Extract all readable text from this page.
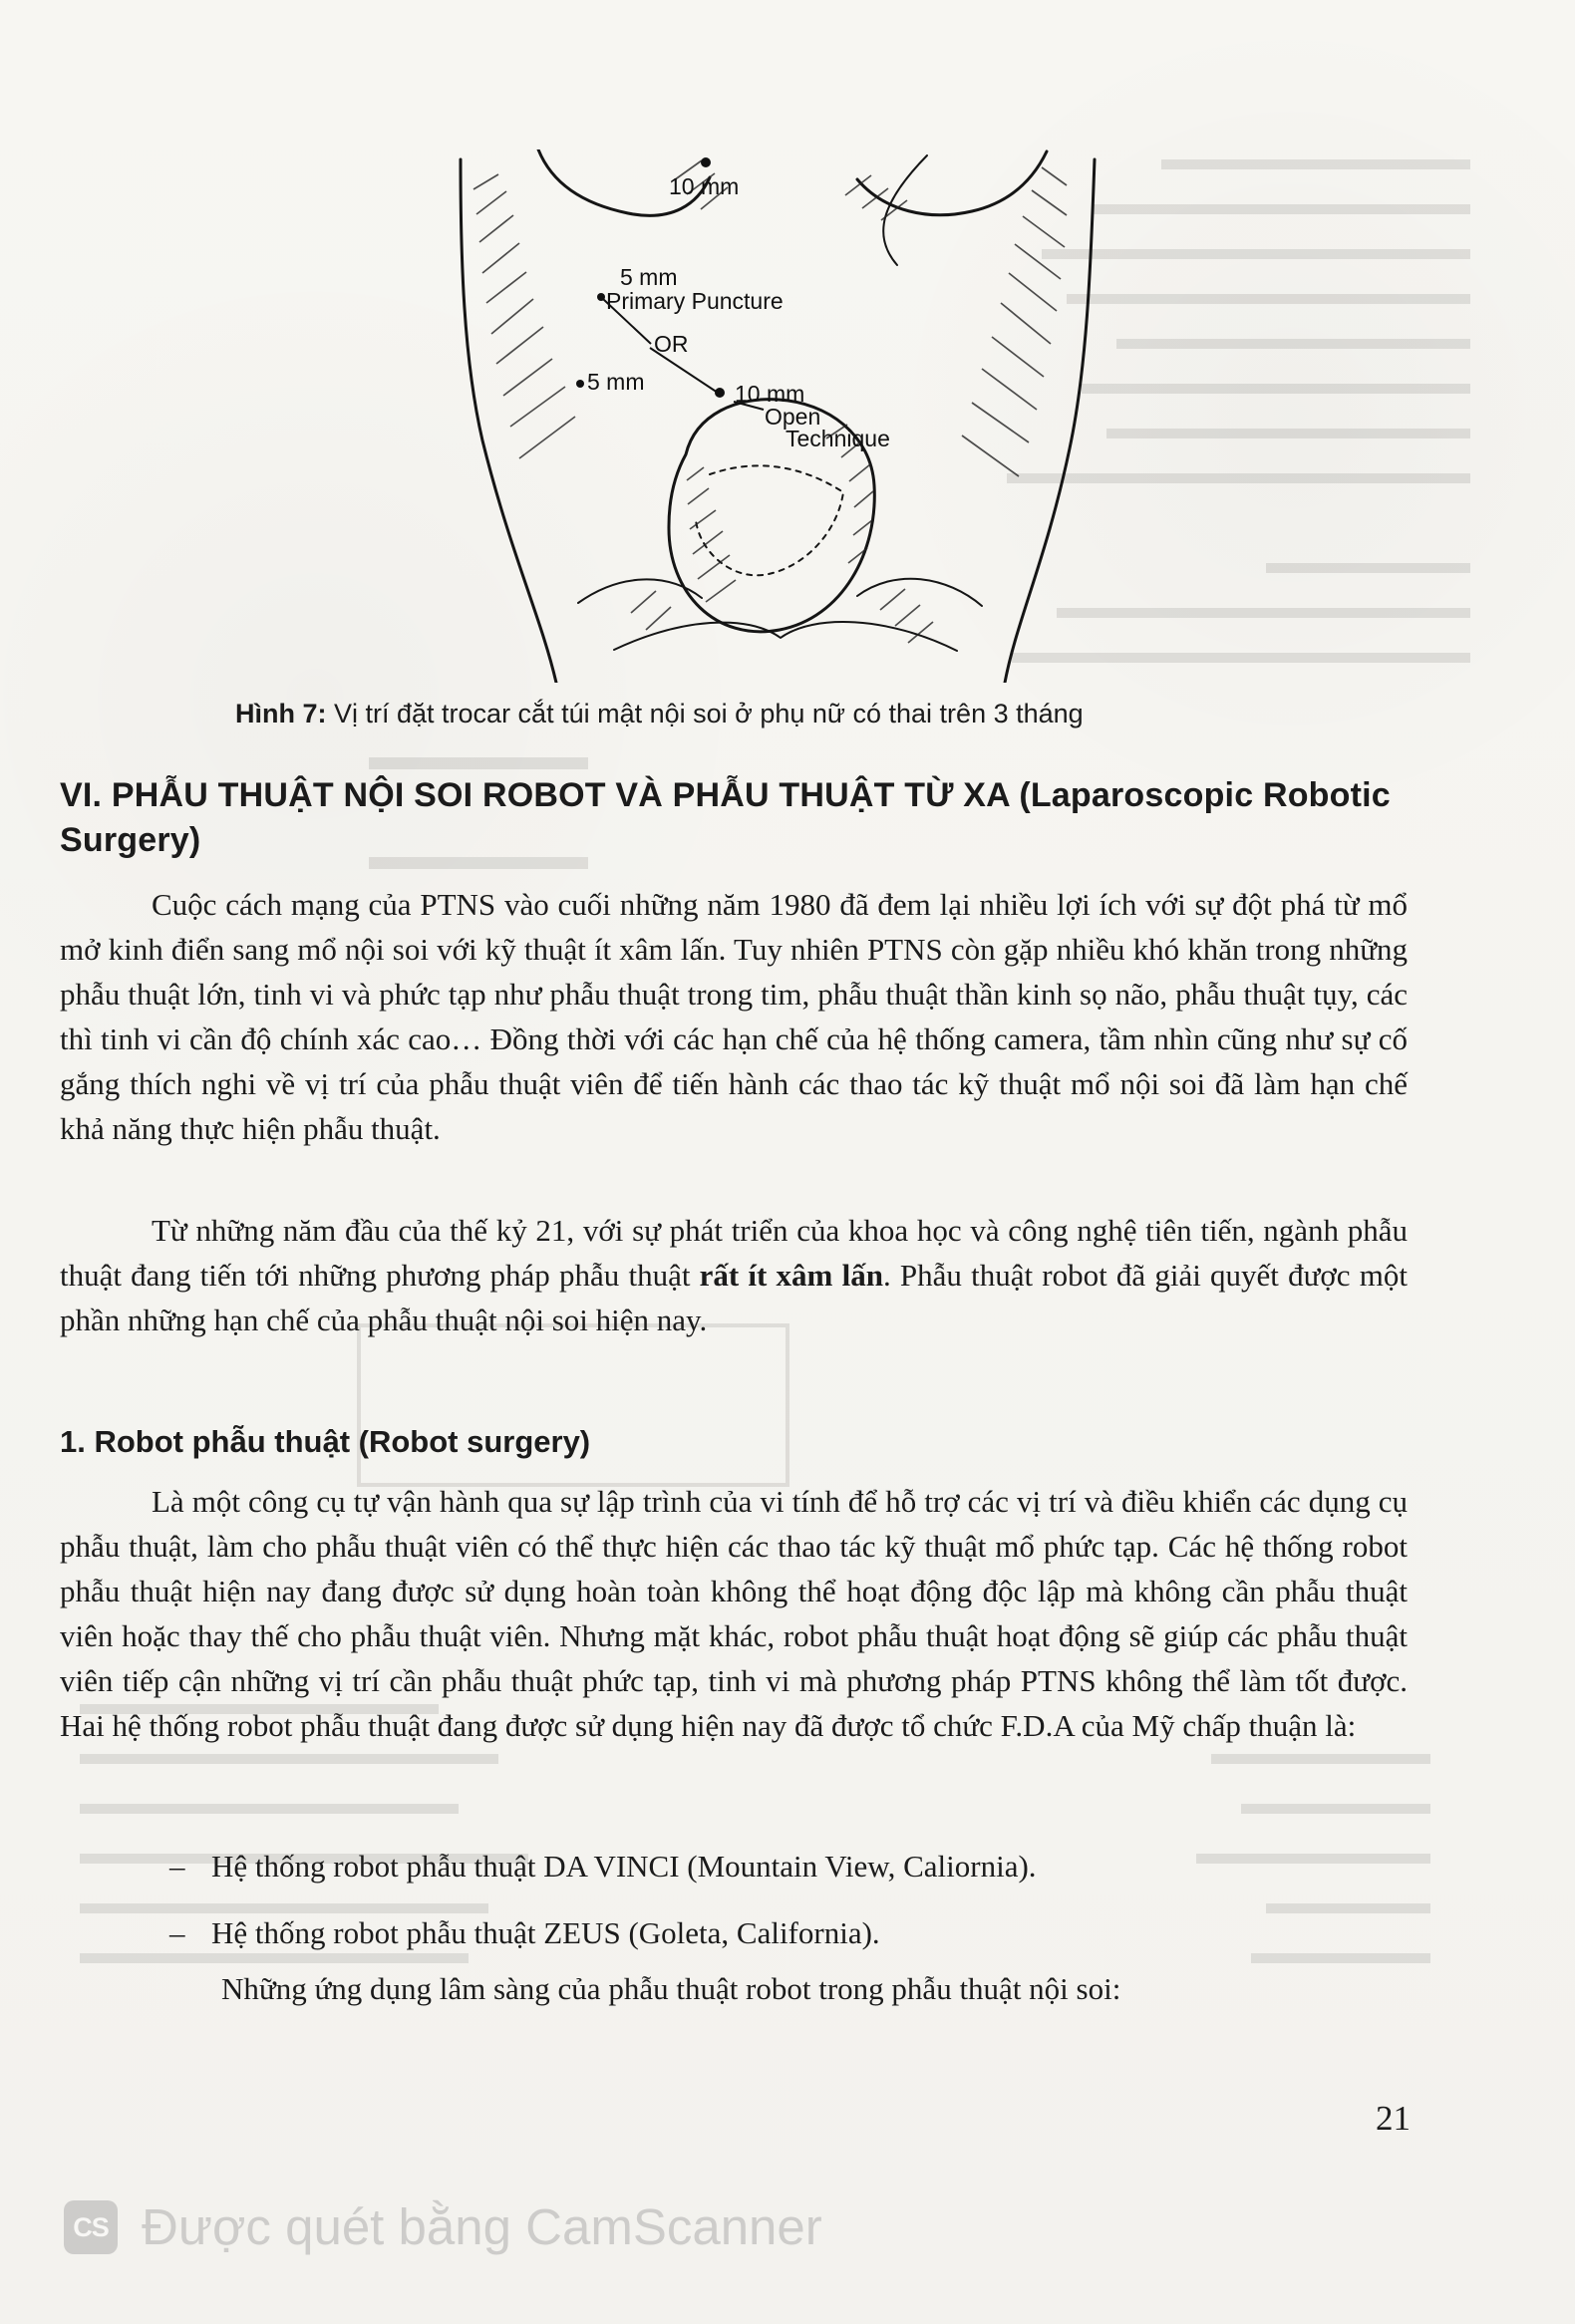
10 mm
5 mm
Primary Puncture
OR
5 mm	10 mm
Open
Technique
Hình 7: Vị trí đặt trocar cắt túi mật nội soi ở phụ nữ có thai trên 3 tháng
VI. PHẪU THUẬT NỘI SOI ROBOT VÀ PHẪU THUẬT TỪ XA (Laparoscopic Robotic Surgery)
Cuộc cách mạng của PTNS vào cuối những năm 1980 đã đem lại nhiều lợi ích với sự đột phá từ mổ mở kinh điển sang mổ nội soi với kỹ thuật ít xâm lấn. Tuy nhiên PTNS còn gặp nhiều khó khăn trong những phẫu thuật lớn, tinh vi và phức tạp như phẫu thuật trong tim, phẫu thuật thần kinh sọ não, phẫu thuật tụy, các thì tinh vi cần độ chính xác cao… Đồng thời với các hạn chế của hệ thống camera, tầm nhìn cũng như sự cố gắng thích nghi về vị trí của phẫu thuật viên để tiến hành các thao tác kỹ thuật mổ nội soi đã làm hạn chế khả năng thực hiện phẫu thuật.
Từ những năm đầu của thế kỷ 21, với sự phát triển của khoa học và công nghệ tiên tiến, ngành phẫu thuật đang tiến tới những phương pháp phẫu thuật rất ít xâm lấn. Phẫu thuật robot đã giải quyết được một phần những hạn chế của phẫu thuật nội soi hiện nay.
1. Robot phẫu thuật (Robot surgery)
Là một công cụ tự vận hành qua sự lập trình của vi tính để hỗ trợ các vị trí và điều khiển các dụng cụ phẫu thuật, làm cho phẫu thuật viên có thể thực hiện các thao tác kỹ thuật mổ phức tạp. Các hệ thống robot phẫu thuật hiện nay đang được sử dụng hoàn toàn không thể hoạt động độc lập mà không cần phẫu thuật viên hoặc thay thế cho phẫu thuật viên. Nhưng mặt khác, robot phẫu thuật hoạt động sẽ giúp các phẫu thuật viên tiếp cận những vị trí cần phẫu thuật phức tạp, tinh vi mà phương pháp PTNS không thể làm tốt được. Hai hệ thống robot phẫu thuật đang được sử dụng hiện nay đã được tổ chức F.D.A của Mỹ chấp thuận là:
– Hệ thống robot phẫu thuật DA VINCI (Mountain View, Caliornia).
– Hệ thống robot phẫu thuật ZEUS (Goleta, California).
Những ứng dụng lâm sàng của phẫu thuật robot trong phẫu thuật nội soi:
21
CS Được quét bằng CamScanner
